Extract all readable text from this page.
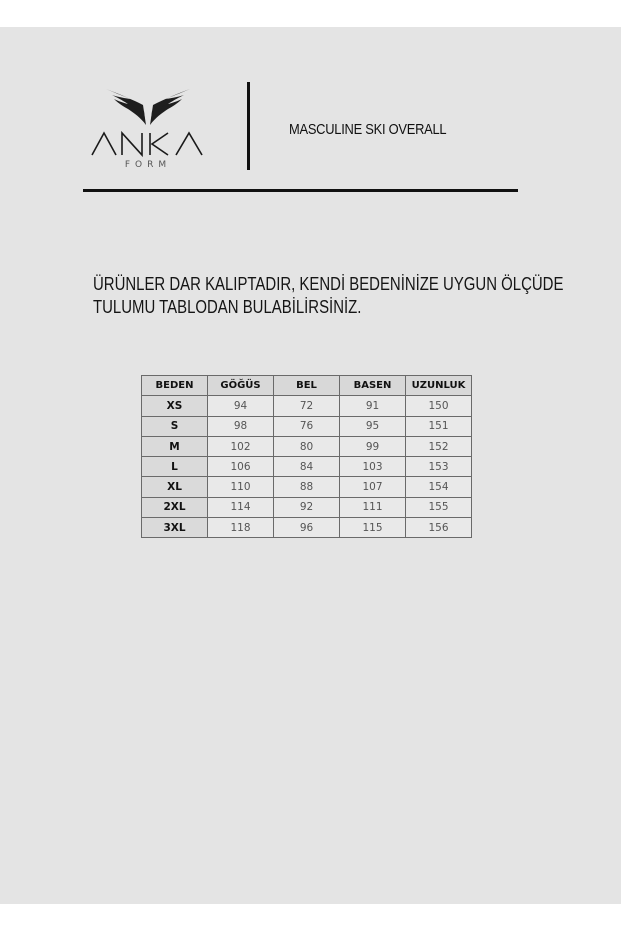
FORM
MASCULINE SKI OVERALL
ÜRÜNLER DAR KALIPTADIR, KENDİ BEDENİNİZE UYGUN ÖLÇÜDE
TULUMU TABLODAN BULABİLİRSİNİZ.
BEDEN	GÖĞÜS	BEL	BASEN	UZUNLUK
XS	94	72	91	150
S	98	76	95	151
M	102	80	99	152
L	106	84	103	153
XL	110	88	107	154
2XL	114	92	111	155
3XL	118	96	115	156
